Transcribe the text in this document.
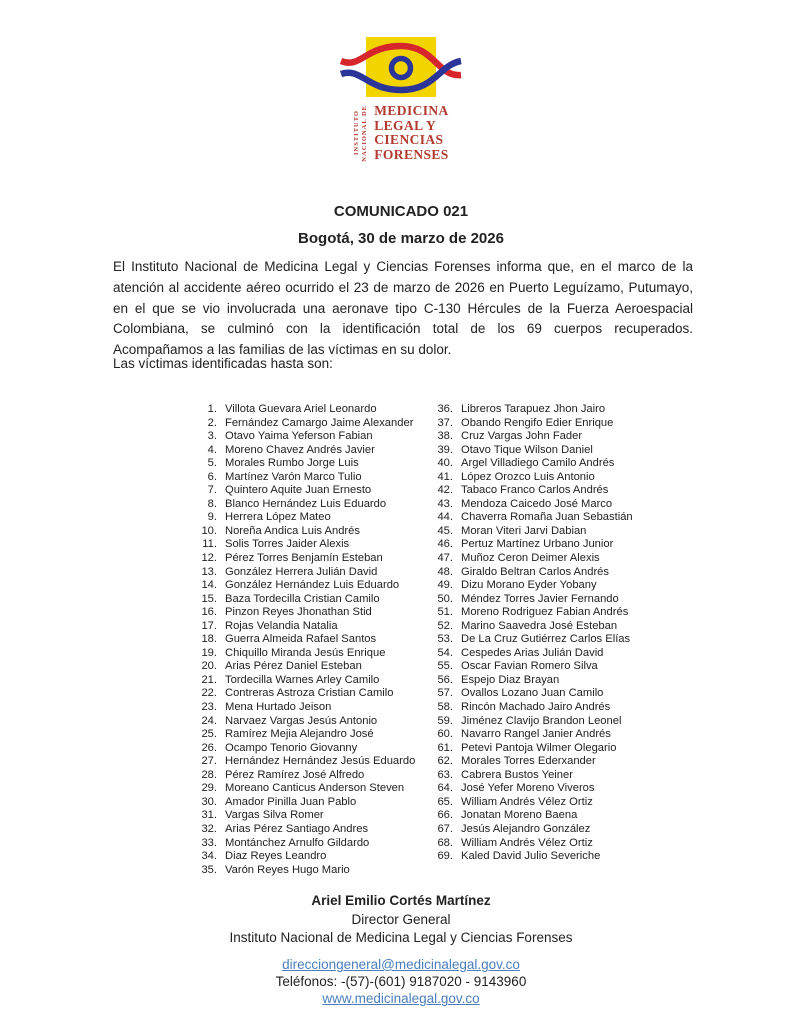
INSTITUTO NACIONAL DE MEDICINA
LEGAL Y
CIENCIAS
FORENSES
COMUNICADO 021
Bogotá, 30 de marzo de 2026
El Instituto Nacional de Medicina Legal y Ciencias Forenses informa que, en el marco de la atención al accidente aéreo ocurrido el 23 de marzo de 2026 en Puerto Leguízamo, Putumayo, en el que se vio involucrada una aeronave tipo C-130 Hércules de la Fuerza Aeroespacial Colombiana, se culminó con la identificación total de los 69 cuerpos recuperados. Acompañamos a las familias de las víctimas en su dolor.
Las víctimas identificadas hasta son:
1. Villota Guevara Ariel Leonardo
2. Fernández Camargo Jaime Alexander
3. Otavo Yaima Yeferson Fabian
4. Moreno Chavez Andrés Javier
5. Morales Rumbo Jorge Luis
6. Martínez Varón Marco Tulio
7. Quintero Aquite Juan Ernesto
8. Blanco Hernández Luis Eduardo
9. Herrera López Mateo
10. Noreña Andica Luis Andrés
11. Solis Torres Jaider Alexis
12. Pérez Torres Benjamín Esteban
13. González Herrera Julián David
14. González Hernández Luis Eduardo
15. Baza Tordecilla Cristian Camilo
16. Pinzon Reyes Jhonathan Stid
17. Rojas Velandia Natalia
18. Guerra Almeida Rafael Santos
19. Chiquillo Miranda Jesús Enrique
20. Arias Pérez Daniel Esteban
21. Tordecilla Warnes Arley Camilo
22. Contreras Astroza Cristian Camilo
23. Mena Hurtado Jeison
24. Narvaez Vargas Jesús Antonio
25. Ramírez Mejia Alejandro José
26. Ocampo Tenorio Giovanny
27. Hernández Hernández Jesús Eduardo
28. Pérez Ramírez José Alfredo
29. Moreano Canticus Anderson Steven
30. Amador Pinilla Juan Pablo
31. Vargas Silva Romer
32. Arias Pérez Santiago Andres
33. Montánchez Arnulfo Gildardo
34. Diaz Reyes Leandro
35. Varón Reyes Hugo Mario
36. Libreros Tarapuez Jhon Jairo
37. Obando Rengifo Edier Enrique
38. Cruz Vargas John Fader
39. Otavo Tique Wilson Daniel
40. Argel Villadiego Camilo Andrés
41. López Orozco Luis Antonio
42. Tabaco Franco Carlos Andrés
43. Mendoza Caicedo José Marco
44. Chaverra Romaña Juan Sebastián
45. Moran Viteri Jarvi Dabian
46. Pertuz Martínez Urbano Junior
47. Muñoz Ceron Deimer Alexis
48. Giraldo Beltran Carlos Andrés
49. Dizu Morano Eyder Yobany
50. Méndez Torres Javier Fernando
51. Moreno Rodriguez Fabian Andrés
52. Marino Saavedra José Esteban
53. De La Cruz Gutiérrez Carlos Elías
54. Cespedes Arias Julián David
55. Oscar Favian Romero Silva
56. Espejo Diaz Brayan
57. Ovallos Lozano Juan Camilo
58. Rincón Machado Jairo Andrés
59. Jiménez Clavijo Brandon Leonel
60. Navarro Rangel Janier Andrés
61. Petevi Pantoja Wilmer Olegario
62. Morales Torres Ederxander
63. Cabrera Bustos Yeiner
64. José Yefer Moreno Viveros
65. William Andrés Vélez Ortiz
66. Jonatan Moreno Baena
67. Jesús Alejandro González
68. William Andrés Vélez Ortiz
69. Kaled David Julio Severiche
Ariel Emilio Cortés Martínez
Director General
Instituto Nacional de Medicina Legal y Ciencias Forenses
direcciongeneral@medicinalegal.gov.co
Teléfonos: -(57)-(601) 9187020 - 9143960
www.medicinalegal.gov.co
